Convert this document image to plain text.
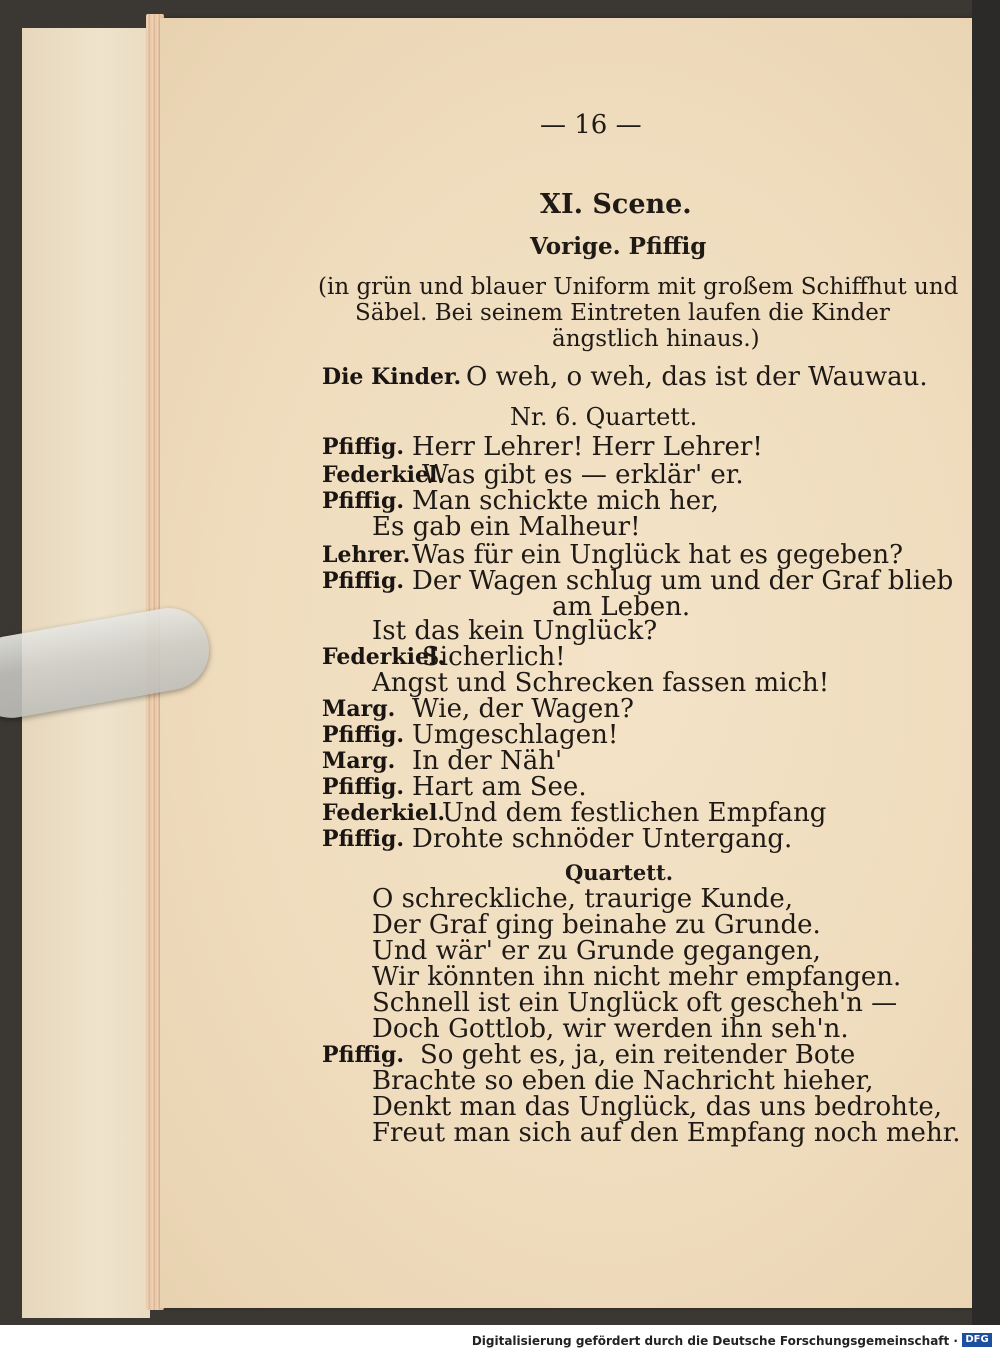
— 16 —
XI. Scene.
Vorige. Pfiffig
(in grün und blauer Uniform mit großem Schiffhut und
Säbel. Bei seinem Eintreten laufen die Kinder
ängstlich hinaus.)
Die Kinder. O weh, o weh, das ist der Wauwau.
Nr. 6. Quartett.
Pfiffig. Herr Lehrer! Herr Lehrer!
Federkiel.
Was gibt es — erklär' er.
Pfiffig. Man schickte mich her,
Es gab ein Malheur!
Lehrer. Was für ein Unglück hat es gegeben?
Pfiffig. Der Wagen schlug um und der Graf blieb
am Leben.
Ist das kein Unglück?
Federkiel.
Sicherlich!
Angst und Schrecken fassen mich!
Marg. Wie, der Wagen?
Pfiffig. Umgeschlagen!
Marg. In der Näh'
Pfiffig. Hart am See.
Federkiel.
Und dem festlichen Empfang
Pfiffig. Drohte schnöder Untergang.
Quartett.
O schreckliche, traurige Kunde,
Der Graf ging beinahe zu Grunde.
Und wär' er zu Grunde gegangen,
Wir könnten ihn nicht mehr empfangen.
Schnell ist ein Unglück oft gescheh'n —
Doch Gottlob, wir werden ihn seh'n.
Pfiffig. So geht es, ja, ein reitender Bote
Brachte so eben die Nachricht hieher,
Denkt man das Unglück, das uns bedrohte,
Freut man sich auf den Empfang noch mehr.
Digitalisierung gefördert durch die Deutsche Forschungsgemeinschaft · DFG
